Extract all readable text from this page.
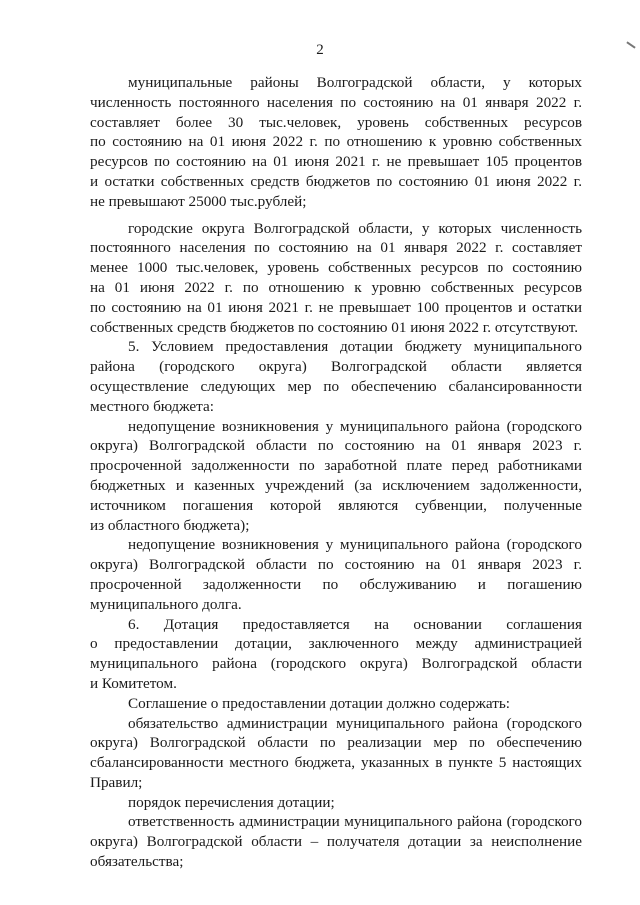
2
муниципальные районы Волгоградской области, у которых
численность постоянного населения по состоянию на 01 января 2022 г.
составляет более 30 тыс.человек, уровень собственных ресурсов
по состоянию на 01 июня 2022 г. по отношению к уровню собственных
ресурсов по состоянию на 01 июня 2021 г. не превышает 105 процентов
и остатки собственных средств бюджетов по состоянию 01 июня 2022 г.
не превышают 25000 тыс.рублей;
городские округа Волгоградской области, у которых численность
постоянного населения по состоянию на 01 января 2022 г. составляет
менее 1000 тыс.человек, уровень собственных ресурсов по состоянию
на 01 июня 2022 г. по отношению к уровню собственных ресурсов
по состоянию на 01 июня 2021 г. не превышает 100 процентов и остатки
собственных средств бюджетов по состоянию 01 июня 2022 г. отсутствуют.
5. Условием предоставления дотации бюджету муниципального
района (городского округа) Волгоградской области является
осуществление следующих мер по обеспечению сбалансированности
местного бюджета:
недопущение возникновения у муниципального района (городского
округа) Волгоградской области по состоянию на 01 января 2023 г.
просроченной задолженности по заработной плате перед работниками
бюджетных и казенных учреждений (за исключением задолженности,
источником погашения которой являются субвенции, полученные
из областного бюджета);
недопущение возникновения у муниципального района (городского
округа) Волгоградской области по состоянию на 01 января 2023 г.
просроченной задолженности по обслуживанию и погашению
муниципального долга.
6. Дотация предоставляется на основании соглашения
о предоставлении дотации, заключенного между администрацией
муниципального района (городского округа) Волгоградской области
и Комитетом.
Соглашение о предоставлении дотации должно содержать:
обязательство администрации муниципального района (городского
округа) Волгоградской области по реализации мер по обеспечению
сбалансированности местного бюджета, указанных в пункте 5 настоящих
Правил;
порядок перечисления дотации;
ответственность администрации муниципального района (городского
округа) Волгоградской области – получателя дотации за неисполнение
обязательства;
